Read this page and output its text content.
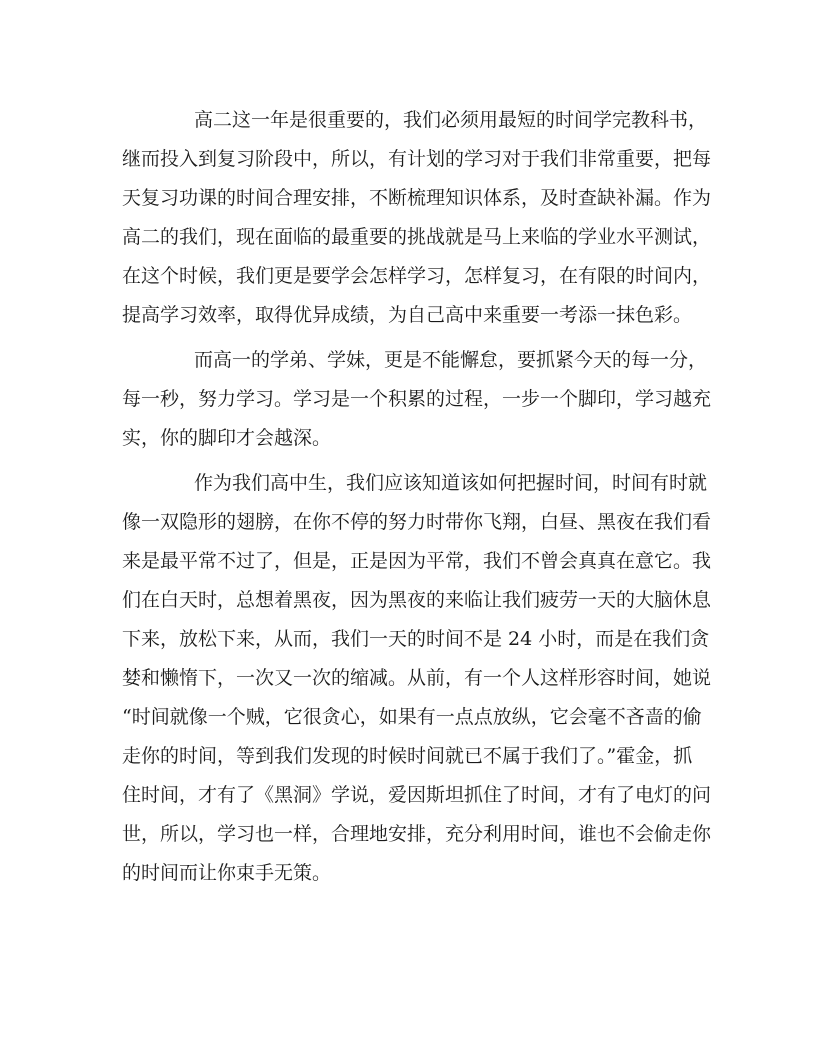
高二这一年是很重要的，我们必须用最短的时间学完教科书，
继而投入到复习阶段中，所以，有计划的学习对于我们非常重要，把每
天复习功课的时间合理安排，不断梳理知识体系，及时查缺补漏。作为
高二的我们，现在面临的最重要的挑战就是马上来临的学业水平测试，
在这个时候，我们更是要学会怎样学习，怎样复习，在有限的时间内，
提高学习效率，取得优异成绩，为自己高中来重要一考添一抹色彩。
而高一的学弟、学妹，更是不能懈怠，要抓紧今天的每一分，
每一秒，努力学习。学习是一个积累的过程，一步一个脚印，学习越充
实，你的脚印才会越深。
作为我们高中生，我们应该知道该如何把握时间，时间有时就
像一双隐形的翅膀，在你不停的努力时带你飞翔，白昼、黑夜在我们看
来是最平常不过了，但是，正是因为平常，我们不曾会真真在意它。我
们在白天时，总想着黑夜，因为黑夜的来临让我们疲劳一天的大脑休息
下来，放松下来，从而，我们一天的时间不是 24 小时，而是在我们贪
婪和懒惰下，一次又一次的缩减。从前，有一个人这样形容时间，她说
“时间就像一个贼，它很贪心，如果有一点点放纵，它会毫不吝啬的偷
走你的时间，等到我们发现的时候时间就已不属于我们了。”霍金，抓
住时间，才有了《黑洞》学说，爱因斯坦抓住了时间，才有了电灯的问
世，所以，学习也一样，合理地安排，充分利用时间，谁也不会偷走你
的时间而让你束手无策。
